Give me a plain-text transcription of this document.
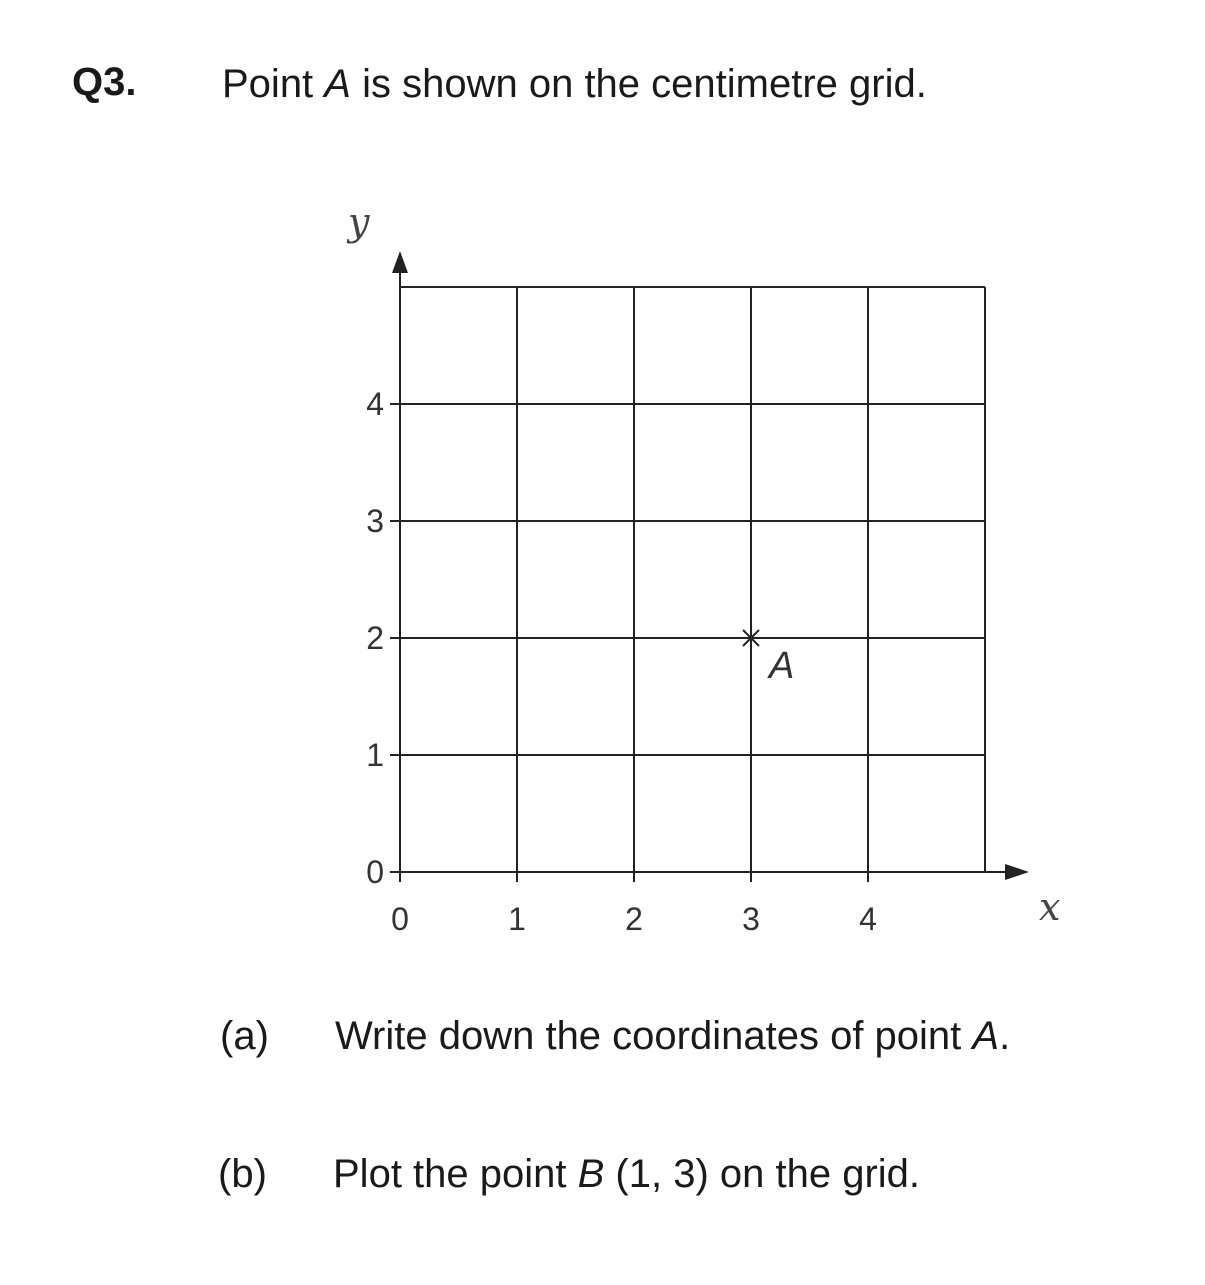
Q3. Point A is shown on the centimetre grid.
0
1
2
3
4
0	1	2	3	4
y
x
A
(a) Write down the coordinates of point A.
(b) Plot the point B (1, 3) on the grid.
